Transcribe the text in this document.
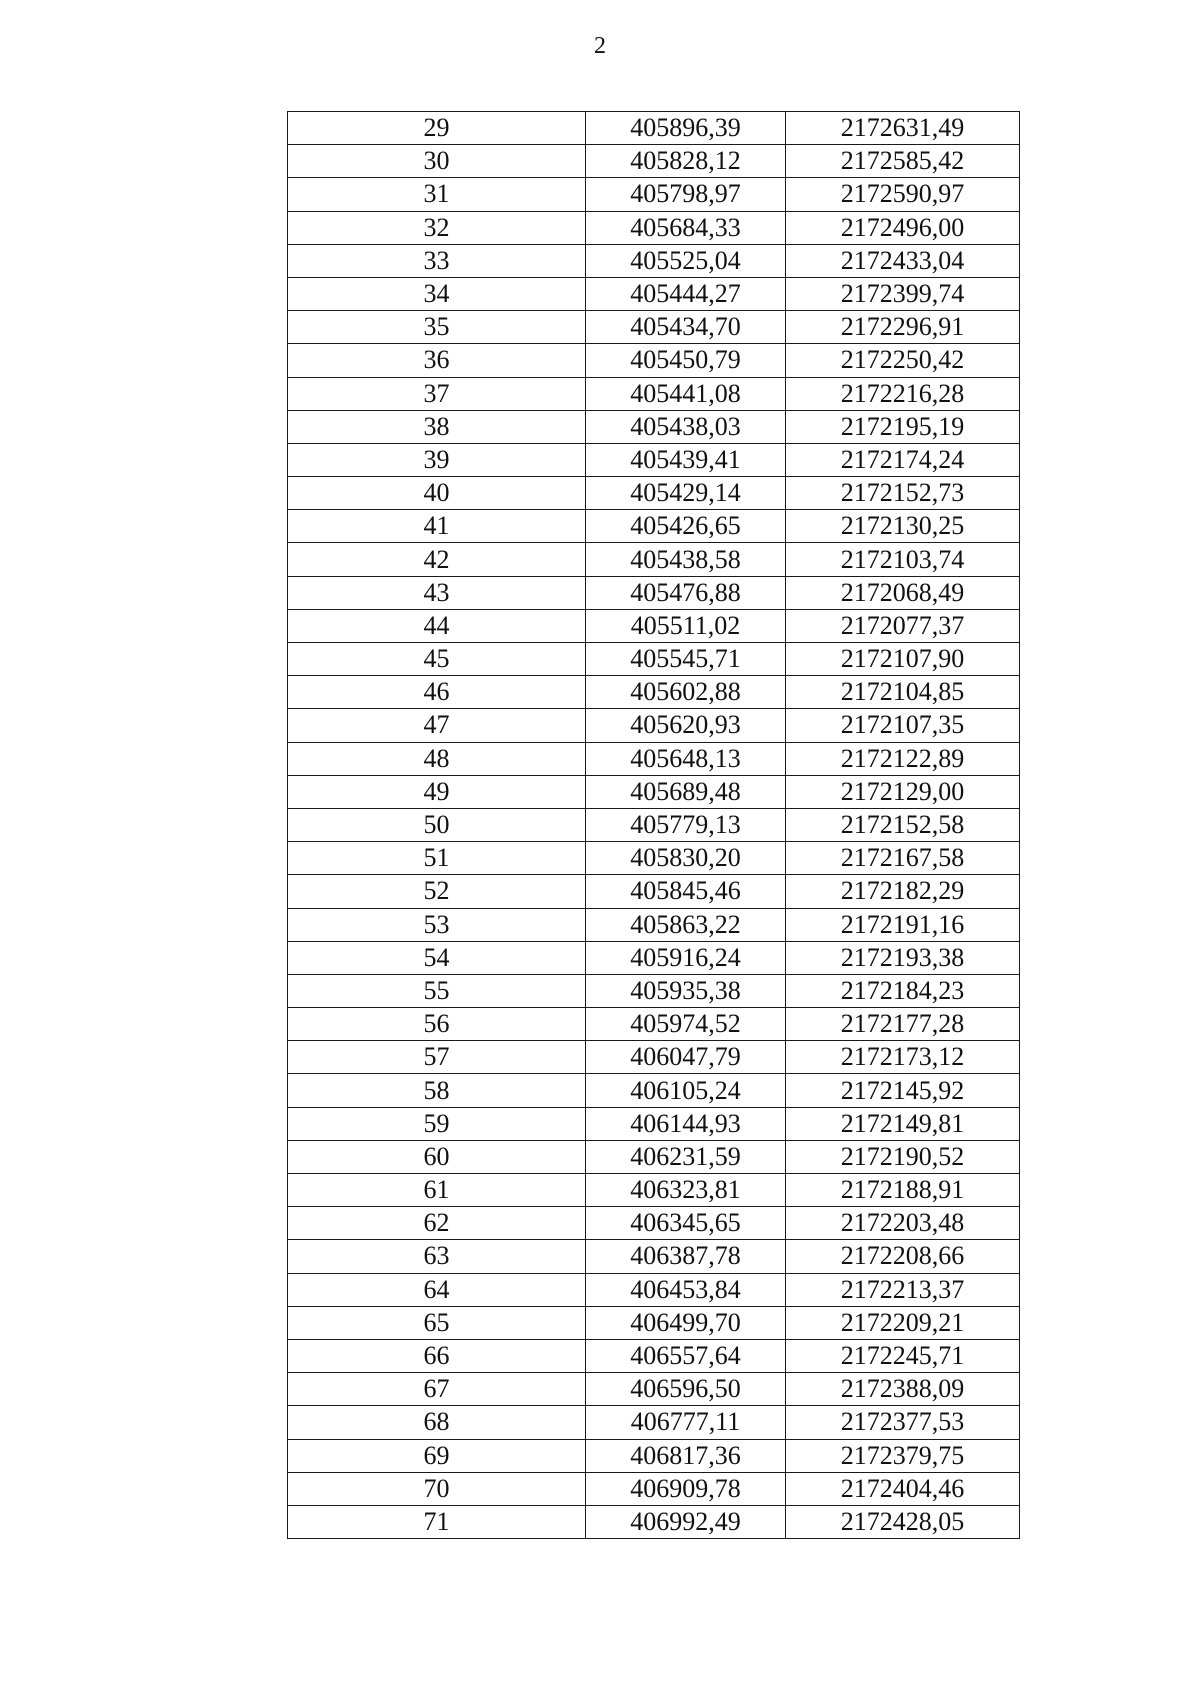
2
29	405896,39	2172631,49
30	405828,12	2172585,42
31	405798,97	2172590,97
32	405684,33	2172496,00
33	405525,04	2172433,04
34	405444,27	2172399,74
35	405434,70	2172296,91
36	405450,79	2172250,42
37	405441,08	2172216,28
38	405438,03	2172195,19
39	405439,41	2172174,24
40	405429,14	2172152,73
41	405426,65	2172130,25
42	405438,58	2172103,74
43	405476,88	2172068,49
44	405511,02	2172077,37
45	405545,71	2172107,90
46	405602,88	2172104,85
47	405620,93	2172107,35
48	405648,13	2172122,89
49	405689,48	2172129,00
50	405779,13	2172152,58
51	405830,20	2172167,58
52	405845,46	2172182,29
53	405863,22	2172191,16
54	405916,24	2172193,38
55	405935,38	2172184,23
56	405974,52	2172177,28
57	406047,79	2172173,12
58	406105,24	2172145,92
59	406144,93	2172149,81
60	406231,59	2172190,52
61	406323,81	2172188,91
62	406345,65	2172203,48
63	406387,78	2172208,66
64	406453,84	2172213,37
65	406499,70	2172209,21
66	406557,64	2172245,71
67	406596,50	2172388,09
68	406777,11	2172377,53
69	406817,36	2172379,75
70	406909,78	2172404,46
71	406992,49	2172428,05
